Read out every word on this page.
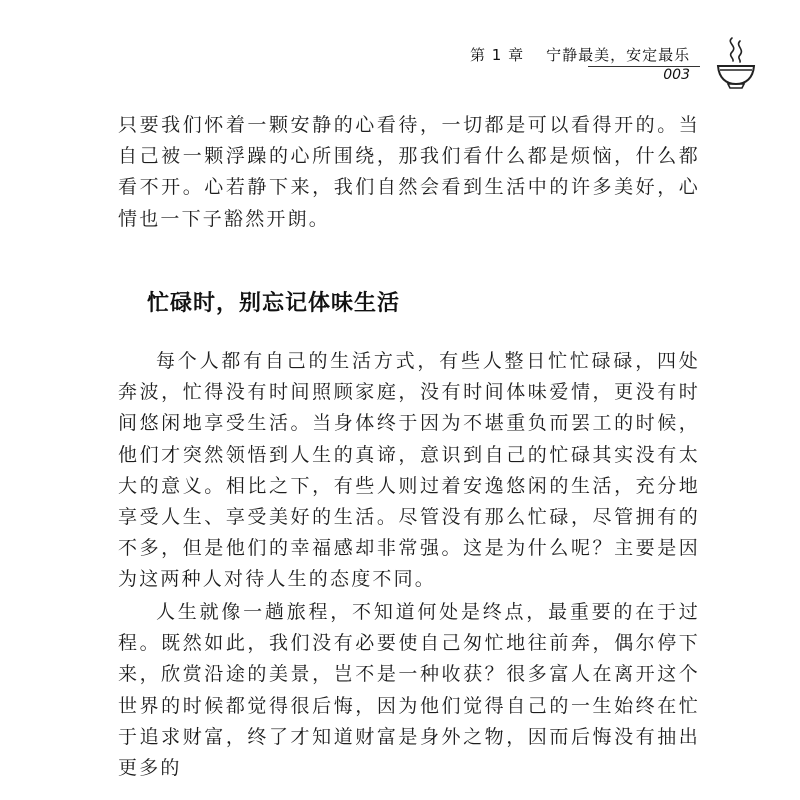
第 1 章 宁静最美，安定最乐
003

只要我们怀着一颗安静的心看待，一切都是可以看得开的。当自己被一颗浮躁的心所围绕，那我们看什么都是烦恼，什么都看不开。心若静下来，我们自然会看到生活中的许多美好，心情也一下子豁然开朗。

忙碌时，别忘记体味生活

每个人都有自己的生活方式，有些人整日忙忙碌碌，四处奔波，忙得没有时间照顾家庭，没有时间体味爱情，更没有时间悠闲地享受生活。当身体终于因为不堪重负而罢工的时候，他们才突然领悟到人生的真谛，意识到自己的忙碌其实没有太大的意义。相比之下，有些人则过着安逸悠闲的生活，充分地享受人生、享受美好的生活。尽管没有那么忙碌，尽管拥有的不多，但是他们的幸福感却非常强。这是为什么呢？主要是因为这两种人对待人生的态度不同。

人生就像一趟旅程，不知道何处是终点，最重要的在于过程。既然如此，我们没有必要使自己匆忙地往前奔，偶尔停下来，欣赏沿途的美景，岂不是一种收获？很多富人在离开这个世界的时候都觉得很后悔，因为他们觉得自己的一生始终在忙于追求财富，终了才知道财富是身外之物，因而后悔没有抽出更多的
